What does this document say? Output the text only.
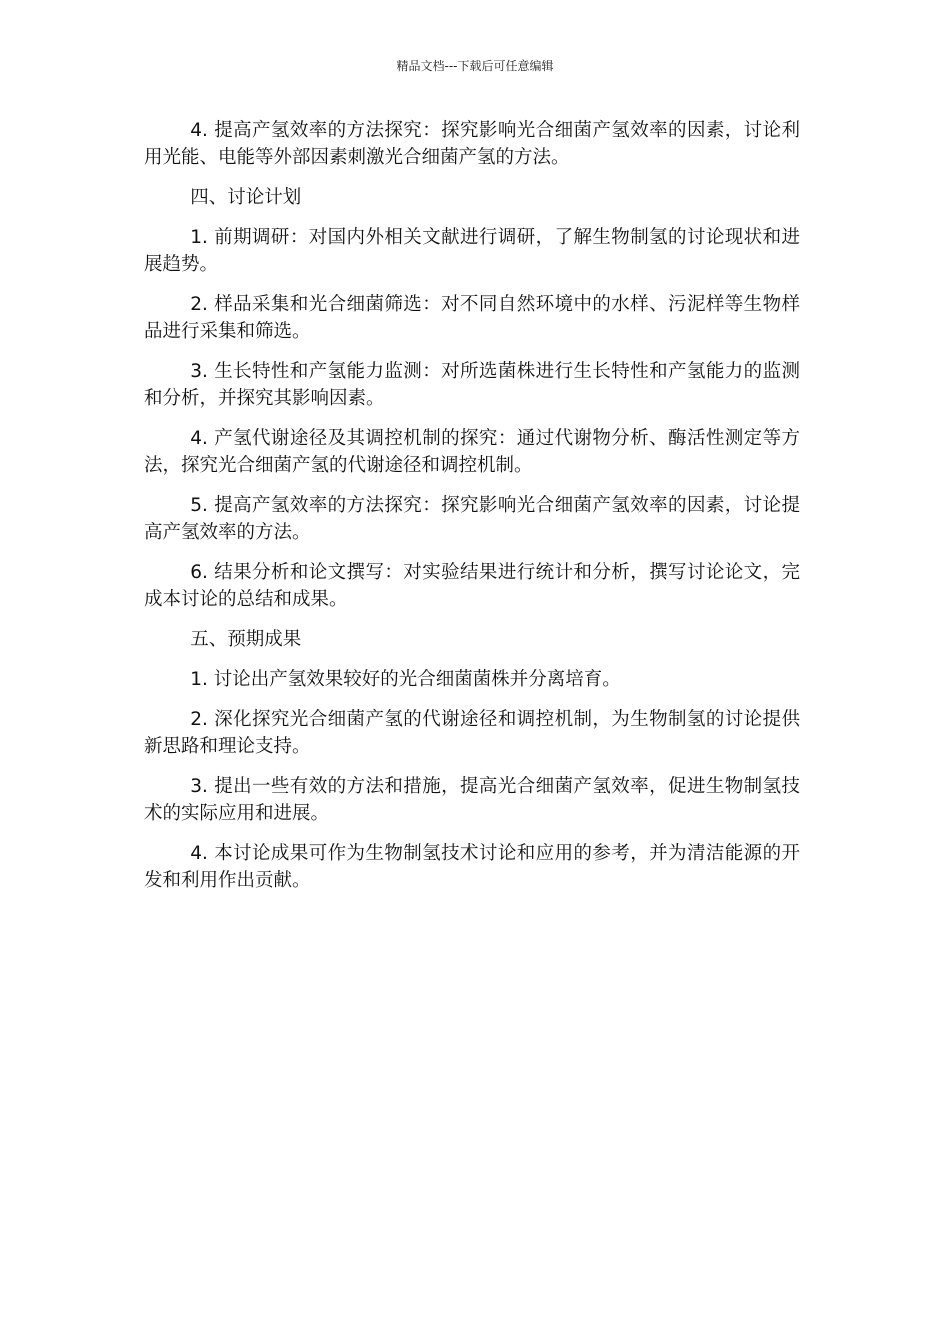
精品文档---下载后可任意编辑

4. 提高产氢效率的方法探究：探究影响光合细菌产氢效率的因素，讨论利用光能、电能等外部因素刺激光合细菌产氢的方法。

四、讨论计划

1. 前期调研：对国内外相关文献进行调研，了解生物制氢的讨论现状和进展趋势。

2. 样品采集和光合细菌筛选：对不同自然环境中的水样、污泥样等生物样品进行采集和筛选。

3. 生长特性和产氢能力监测：对所选菌株进行生长特性和产氢能力的监测和分析，并探究其影响因素。

4. 产氢代谢途径及其调控机制的探究：通过代谢物分析、酶活性测定等方法，探究光合细菌产氢的代谢途径和调控机制。

5. 提高产氢效率的方法探究：探究影响光合细菌产氢效率的因素，讨论提高产氢效率的方法。

6. 结果分析和论文撰写：对实验结果进行统计和分析，撰写讨论论文，完成本讨论的总结和成果。

五、预期成果

1. 讨论出产氢效果较好的光合细菌菌株并分离培育。

2. 深化探究光合细菌产氢的代谢途径和调控机制，为生物制氢的讨论提供新思路和理论支持。

3. 提出一些有效的方法和措施，提高光合细菌产氢效率，促进生物制氢技术的实际应用和进展。

4. 本讨论成果可作为生物制氢技术讨论和应用的参考，并为清洁能源的开发和利用作出贡献。
